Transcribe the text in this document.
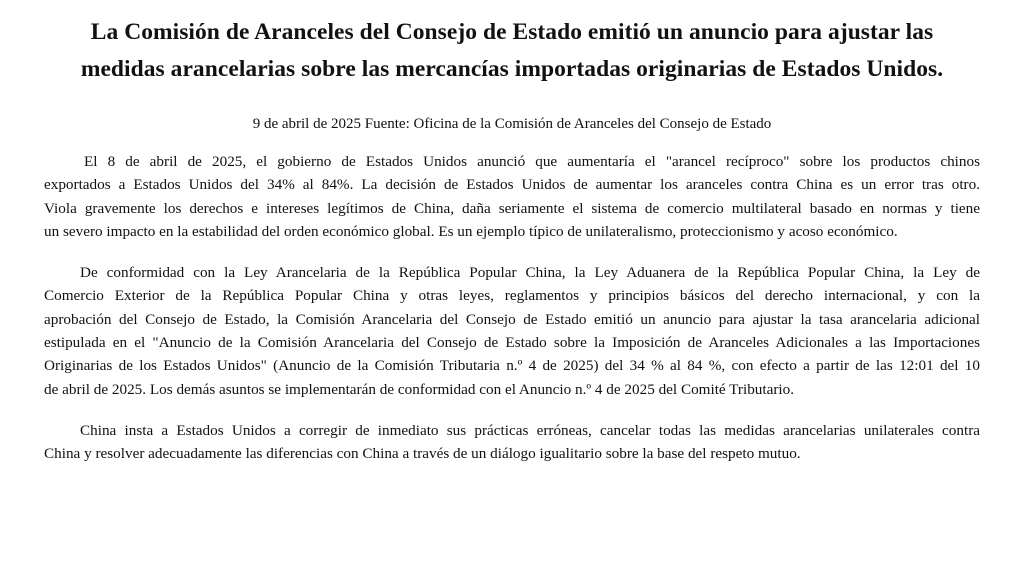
La Comisión de Aranceles del Consejo de Estado emitió un anuncio para ajustar las
medidas arancelarias sobre las mercancías importadas originarias de Estados Unidos.
9 de abril de 2025 Fuente: Oficina de la Comisión de Aranceles del Consejo de Estado
El 8 de abril de 2025, el gobierno de Estados Unidos anunció que aumentaría el "arancel recíproco" sobre los productos chinos
exportados a Estados Unidos del 34% al 84%. La decisión de Estados Unidos de aumentar los aranceles contra China es un error tras otro.
Viola gravemente los derechos e intereses legítimos de China, daña seriamente el sistema de comercio multilateral basado en normas y tiene
un severo impacto en la estabilidad del orden económico global. Es un ejemplo típico de unilateralismo, proteccionismo y acoso económico.
De conformidad con la Ley Arancelaria de la República Popular China, la Ley Aduanera de la República Popular China, la Ley de
Comercio Exterior de la República Popular China y otras leyes, reglamentos y principios básicos del derecho internacional, y con la
aprobación del Consejo de Estado, la Comisión Arancelaria del Consejo de Estado emitió un anuncio para ajustar la tasa arancelaria adicional
estipulada en el "Anuncio de la Comisión Arancelaria del Consejo de Estado sobre la Imposición de Aranceles Adicionales a las Importaciones
Originarias de los Estados Unidos" (Anuncio de la Comisión Tributaria n.º 4 de 2025) del 34 % al 84 %, con efecto a partir de las 12:01 del 10
de abril de 2025. Los demás asuntos se implementarán de conformidad con el Anuncio n.º 4 de 2025 del Comité Tributario.
China insta a Estados Unidos a corregir de inmediato sus prácticas erróneas, cancelar todas las medidas arancelarias unilaterales contra
China y resolver adecuadamente las diferencias con China a través de un diálogo igualitario sobre la base del respeto mutuo.
